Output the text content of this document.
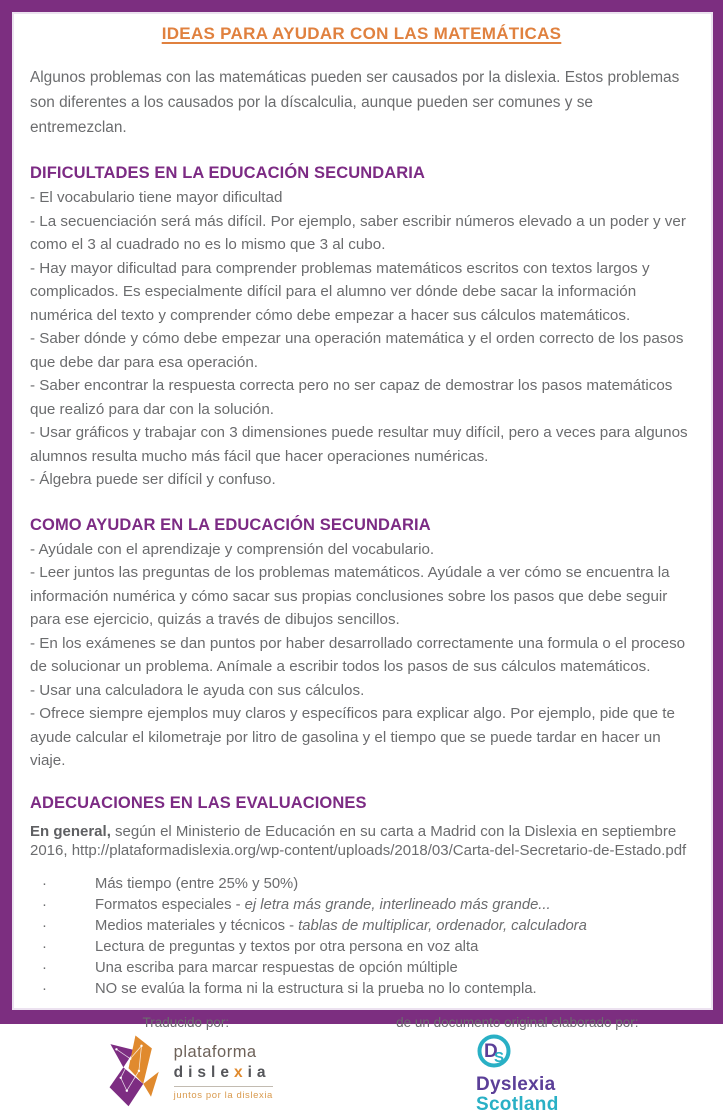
IDEAS PARA AYUDAR CON LAS MATEMÁTICAS

Algunos problemas con las matemáticas pueden ser causados por la dislexia. Estos problemas son diferentes a los causados por la díscalculia, aunque pueden ser comunes y se entremezclan.

DIFICULTADES EN LA EDUCACIÓN SECUNDARIA

- El vocabulario tiene mayor dificultad

- La secuenciación será más difícil. Por ejemplo, saber escribir números elevado a un poder y ver como el 3 al cuadrado no es lo mismo que 3 al cubo.

- Hay mayor dificultad para comprender problemas matemáticos escritos con textos largos y complicados. Es especialmente difícil para el alumno ver dónde debe sacar la información numérica del texto y comprender cómo debe empezar a hacer sus cálculos matemáticos.

- Saber dónde y cómo debe empezar una operación matemática y el orden correcto de los pasos que debe dar para esa operación.

- Saber encontrar la respuesta correcta pero no ser capaz de demostrar los pasos matemáticos que realizó para dar con la solución.

- Usar gráficos y trabajar con 3 dimensiones puede resultar muy difícil, pero a veces para algunos alumnos resulta mucho más fácil que hacer operaciones numéricas.

- Álgebra puede ser difícil y confuso.

COMO AYUDAR EN LA EDUCACIÓN SECUNDARIA

- Ayúdale con el aprendizaje y comprensión del vocabulario.

- Leer juntos las preguntas de los problemas matemáticos. Ayúdale a ver cómo se encuentra la información numérica y cómo sacar sus propias conclusiones sobre los pasos que debe seguir para ese ejercicio, quizás a través de dibujos sencillos.

- En los exámenes se dan puntos por haber desarrollado correctamente una formula o el proceso de solucionar un problema. Anímale a escribir todos los pasos de sus cálculos matemáticos.

- Usar una calculadora le ayuda con sus cálculos.

- Ofrece siempre ejemplos muy claros y específicos para explicar algo. Por ejemplo, pide que te ayude calcular el kilometraje por litro de gasolina y el tiempo que se puede tardar en hacer un viaje.

ADECUACIONES EN LAS EVALUACIONES

En general, según el Ministerio de Educación en su carta a Madrid con la Dislexia en septiembre 2016, http://plataformadislexia.org/wp-content/uploads/2018/03/Carta-del-Secretario-de-Estado.pdf

·	Más tiempo (entre 25% y 50%)
·	Formatos especiales - ej letra más grande, interlineado más grande...
·	Medios materiales y técnicos - tablas de multiplicar, ordenador, calculadora
·	Lectura de preguntas y textos por otra persona en voz alta
·	Una escriba para marcar respuestas de opción múltiple
·	NO se evalúa la forma ni la estructura si la prueba no lo contempla.
Traducido por:
plataforma
dislexia
juntos por la dislexia
de un documento original elaborado por:
D
S
Dyslexia
Scotland
